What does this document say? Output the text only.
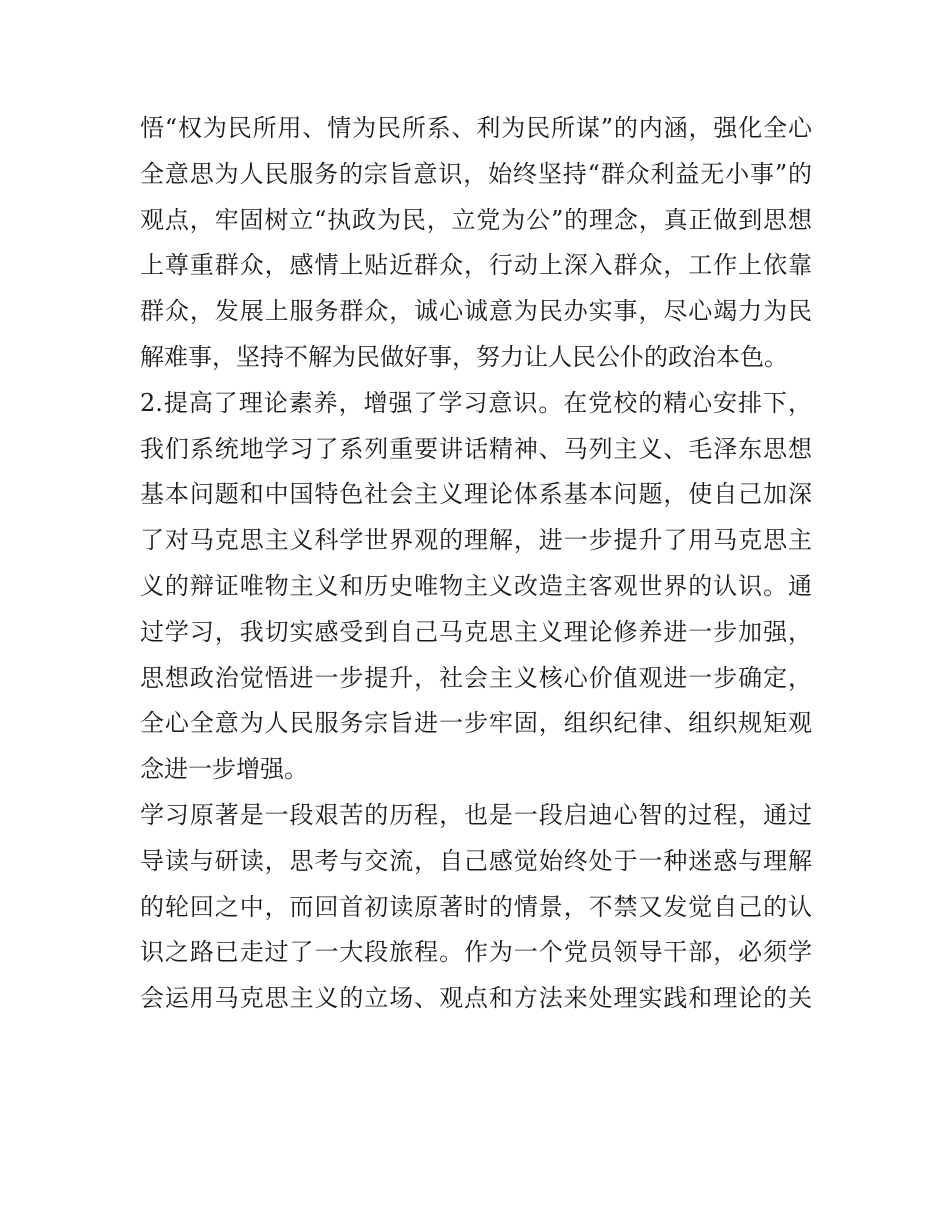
悟“权为民所用、情为民所系、利为民所谋”的内涵，强化全心
全意思为人民服务的宗旨意识，始终坚持“群众利益无小事”的
观点，牢固树立“执政为民，立党为公”的理念，真正做到思想
上尊重群众，感情上贴近群众，行动上深入群众，工作上依靠
群众，发展上服务群众，诚心诚意为民办实事，尽心竭力为民
解难事，坚持不解为民做好事，努力让人民公仆的政治本色。
2.提高了理论素养，增强了学习意识。在党校的精心安排下，
我们系统地学习了系列重要讲话精神、马列主义、毛泽东思想
基本问题和中国特色社会主义理论体系基本问题，使自己加深
了对马克思主义科学世界观的理解，进一步提升了用马克思主
义的辩证唯物主义和历史唯物主义改造主客观世界的认识。通
过学习，我切实感受到自己马克思主义理论修养进一步加强，
思想政治觉悟进一步提升，社会主义核心价值观进一步确定，
全心全意为人民服务宗旨进一步牢固，组织纪律、组织规矩观
念进一步增强。
学习原著是一段艰苦的历程，也是一段启迪心智的过程，通过
导读与研读，思考与交流，自己感觉始终处于一种迷惑与理解
的轮回之中，而回首初读原著时的情景，不禁又发觉自己的认
识之路已走过了一大段旅程。作为一个党员领导干部，必须学
会运用马克思主义的立场、观点和方法来处理实践和理论的关
